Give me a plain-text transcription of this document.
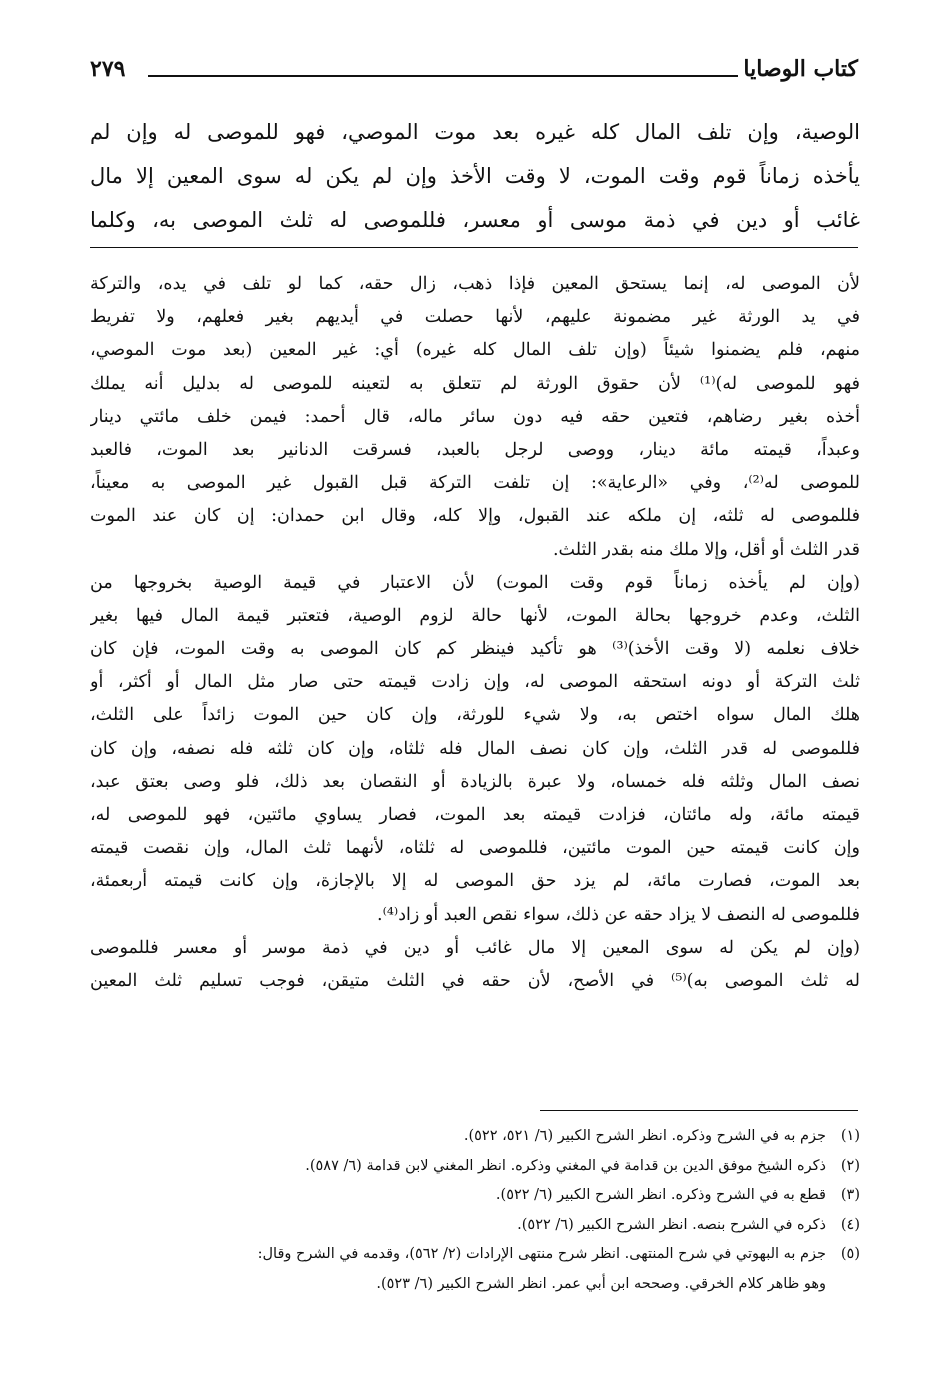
كتاب الوصايا
٢٧٩
الوصية، وإن تلف المال كله غيره بعد موت الموصي، فهو للموصى له وإن لم
يأخذه زماناً قوم وقت الموت، لا وقت الأخذ وإن لم يكن له سوى المعين إلا مال
غائب أو دين في ذمة موسى أو معسر، فللموصى له ثلث الموصى به، وكلما
لأن الموصى له، إنما يستحق المعين فإذا ذهب، زال حقه، كما لو تلف في يده، والتركة
في يد الورثة غير مضمونة عليهم، لأنها حصلت في أيديهم بغير فعلهم، ولا تفريط
منهم، فلم يضمنوا شيئاً (وإن تلف المال كله غيره) أي: غير المعين (بعد موت الموصي،
فهو للموصى له)⁽¹⁾ لأن حقوق الورثة لم تتعلق به لتعينه للموصى له بدليل أنه يملك
أخذه بغير رضاهم، فتعين حقه فيه دون سائر ماله، قال أحمد: فيمن خلف مائتي دينار
وعبداً، قيمته مائة دينار، ووصى لرجل بالعبد، فسرقت الدنانير بعد الموت، فالعبد
للموصى له⁽²⁾، وفي «الرعاية»: إن تلفت التركة قبل القبول غير الموصى به معيناً،
فللموصى له ثلثه، إن ملكه عند القبول، وإلا كله، وقال ابن حمدان: إن كان عند الموت
قدر الثلث أو أقل، وإلا ملك منه بقدر الثلث.
(وإن لم يأخذه زماناً قوم وقت الموت) لأن الاعتبار في قيمة الوصية بخروجها من
الثلث، وعدم خروجها بحالة الموت، لأنها حالة لزوم الوصية، فتعتبر قيمة المال فيها بغير
خلاف نعلمه (لا وقت الأخذ)⁽³⁾ هو تأكيد فينظر كم كان الموصى به وقت الموت، فإن كان
ثلث التركة أو دونه استحقه الموصى له، وإن زادت قيمته حتى صار مثل المال أو أكثر، أو
هلك المال سواه اختص به، ولا شيء للورثة، وإن كان حين الموت زائداً على الثلث،
فللموصى له قدر الثلث، وإن كان نصف المال فله ثلثاه، وإن كان ثلثه فله نصفه، وإن كان
نصف المال وثلثه فله خمساه، ولا عبرة بالزيادة أو النقصان بعد ذلك، فلو وصى بعتق عبد،
قيمته مائة، وله مائتان، فزادت قيمته بعد الموت، فصار يساوي مائتين، فهو للموصى له،
وإن كانت قيمته حين الموت مائتين، فللموصى له ثلثاه، لأنهما ثلث المال، وإن نقصت قيمته
بعد الموت، فصارت مائة، لم يزد حق الموصى له إلا بالإجازة، وإن كانت قيمته أربعمئة،
فللموصى له النصف لا يزاد حقه عن ذلك، سواء نقص العبد أو زاد⁽⁴⁾.
(وإن لم يكن له سوى المعين إلا مال غائب أو دين في ذمة موسر أو معسر فللموصى
له ثلث الموصى به)⁽⁵⁾ في الأصح، لأن حقه في الثلث متيقن، فوجب تسليم ثلث المعين
(١)جزم به في الشرح وذكره. انظر الشرح الكبير (٦/ ٥٢١، ٥٢٢).
(٢)ذكره الشيخ موفق الدين بن قدامة في المغني وذكره. انظر المغني لابن قدامة (٦/ ٥٨٧).
(٣)قطع به في الشرح وذكره. انظر الشرح الكبير (٦/ ٥٢٢).
(٤)ذكره في الشرح بنصه. انظر الشرح الكبير (٦/ ٥٢٢).
(٥)جزم به البهوتي في شرح المنتهى. انظر شرح منتهى الإرادات (٢/ ٥٦٢)، وقدمه في الشرح وقال:
وهو ظاهر كلام الخرقي. وصححه ابن أبي عمر. انظر الشرح الكبير (٦/ ٥٢٣).
